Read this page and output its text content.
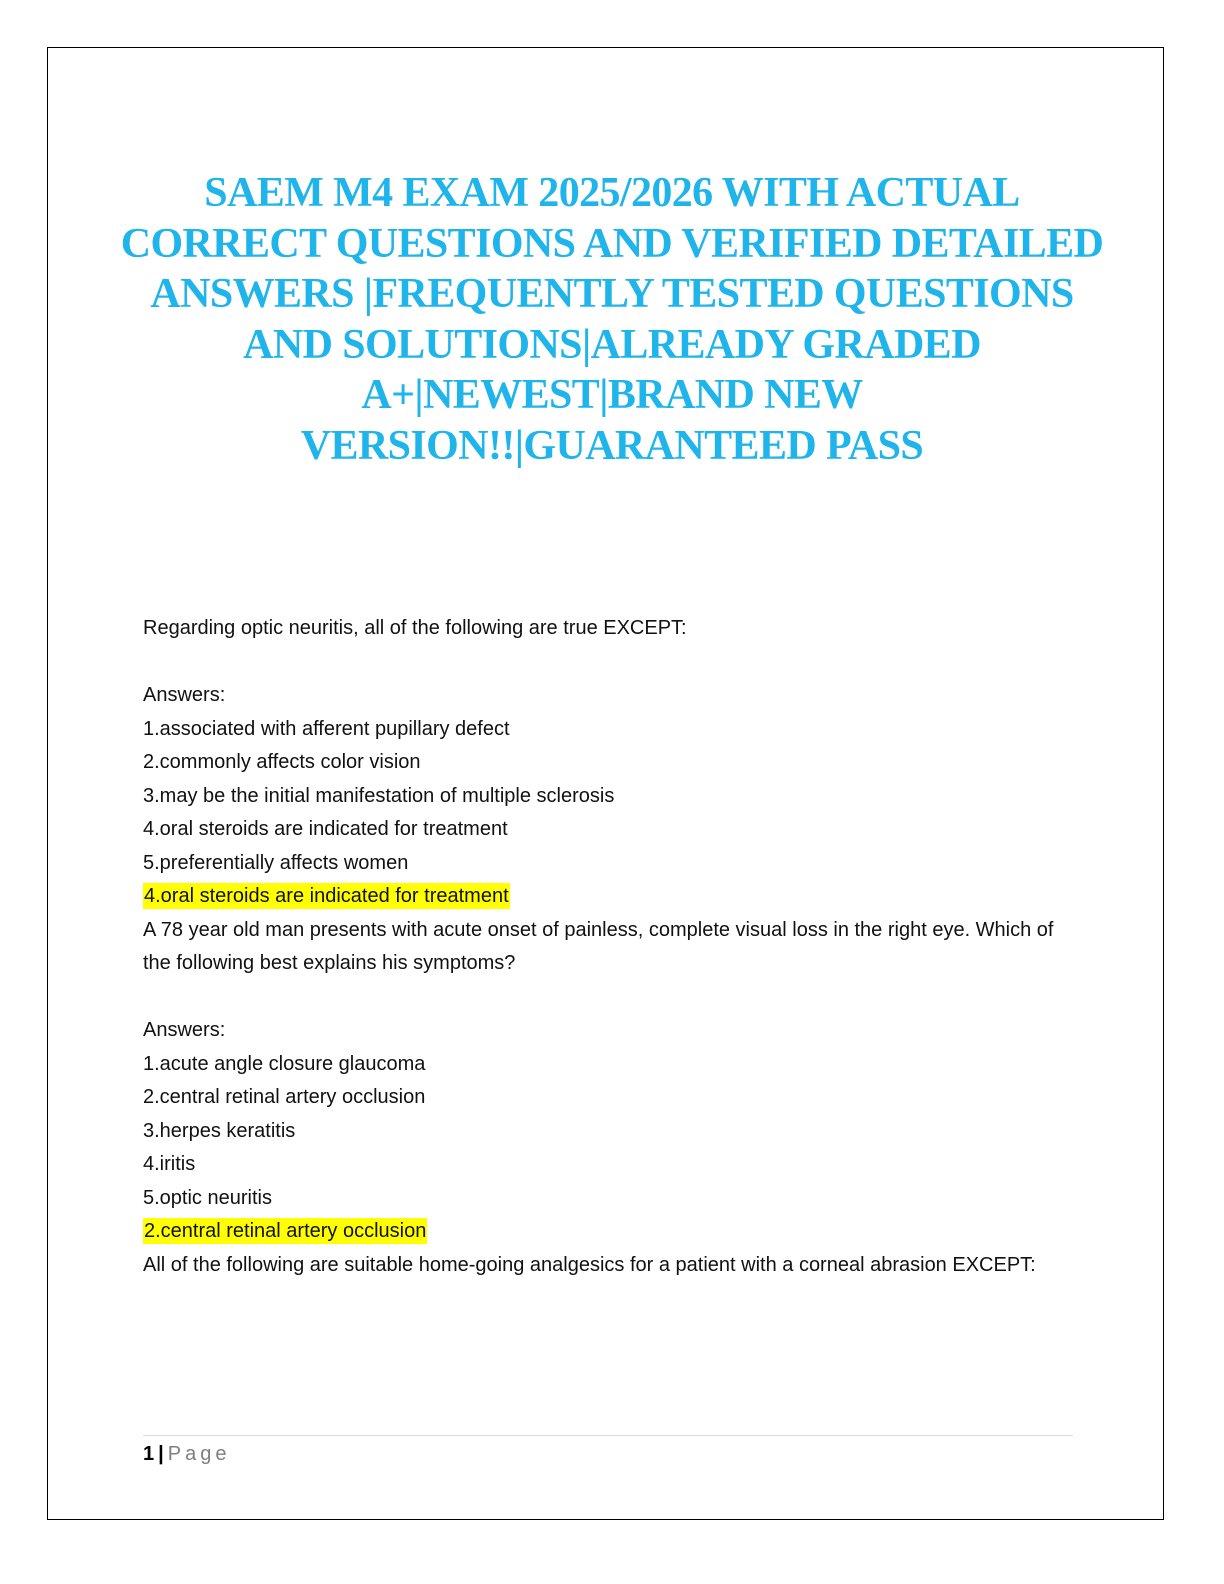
SAEM M4 EXAM 2025/2026 WITH ACTUAL CORRECT QUESTIONS AND VERIFIED DETAILED ANSWERS |FREQUENTLY TESTED QUESTIONS AND SOLUTIONS|ALREADY GRADED A+|NEWEST|BRAND NEW VERSION!!|GUARANTEED PASS

Regarding optic neuritis, all of the following are true EXCEPT:

Answers:

1.associated with afferent pupillary defect

2.commonly affects color vision

3.may be the initial manifestation of multiple sclerosis

4.oral steroids are indicated for treatment

5.preferentially affects women

4.oral steroids are indicated for treatment

A 78 year old man presents with acute onset of painless, complete visual loss in the right eye. Which of the following best explains his symptoms?

Answers:

1.acute angle closure glaucoma

2.central retinal artery occlusion

3.herpes keratitis

4.iritis

5.optic neuritis

2.central retinal artery occlusion

All of the following are suitable home-going analgesics for a patient with a corneal abrasion EXCEPT:

1 | Page
